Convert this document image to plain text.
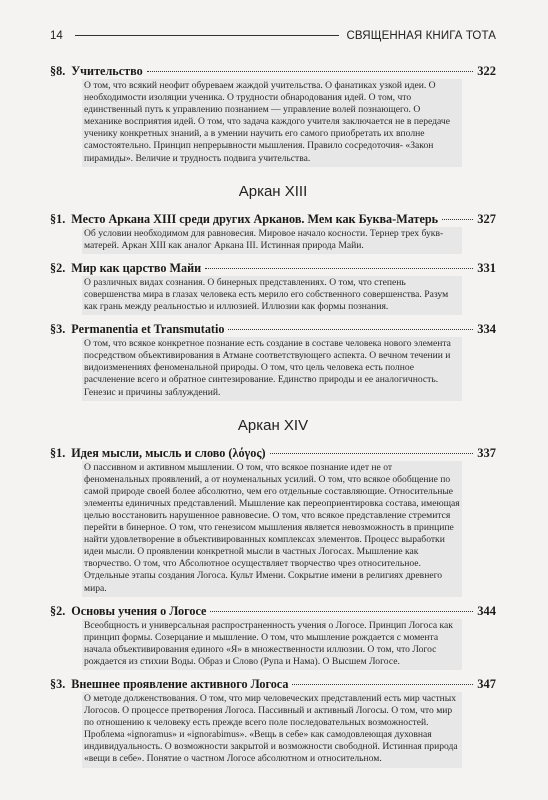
14	СВЯЩЕННАЯ КНИГА ТОТА
§8. Учительство	322
О том, что всякий неофит обуреваем жаждой учительства. О фанатиках узкой идеи. О необходимости изоляции ученика. О трудности обнародования идей. О том, что единственный путь к управлению познанием — управление волей познающего. О механике восприятия идей. О том, что задача каждого учителя заключается не в передаче ученику конкретных знаний, а в умении научить его самого приобретать их вполне самостоятельно. Принцип непрерывности мышления. Правило сосредоточия- «Закон пирамиды». Величие и трудность подвига учительства.
Аркан XIII
§1. Место Аркана XIII среди других Арканов. Мем как Буква-Матерь	327
Об условии необходимом для равновесия. Мировое начало косности. Тернер трех букв-матерей. Аркан XIII как аналог Аркана III. Истинная природа Майи.
§2. Мир как царство Майи	331
О различных видах сознания. О бинерных представлениях. О том, что степень совершенства мира в глазах человека есть мерило его собственного совершенства. Разум как грань между реальностью и иллюзией. Иллюзии как формы познания.
§3. Permanentia et Transmutatio	334
О том, что всякое конкретное познание есть создание в составе человека нового элемента посредством объективирования в Атмане соответствующего аспекта. О вечном течении и видоизменениях феноменальной природы. О том, что цель человека есть полное расчленение всего и обратное синтезирование. Единство природы и ее аналогичность. Генезис и причины заблуждений.
Аркан XIV
§1. Идея мысли, мысль и слово (λόγος)	337
О пассивном и активном мышлении. О том, что всякое познание идет не от феноменальных проявлений, а от ноуменальных усилий. О том, что всякое обобщение по самой природе своей более абсолютно, чем его отдельные составляющие. Относительные элементы единичных представлений. Мышление как переоприентировка состава, имеющая целью восстановить нарушенное равновесие. О том, что всякое представление стремится перейти в бинерное. О том, что генезисом мышления является невозможность в принципе найти удовлетворение в объективированных комплексах элементов. Процесс выработки идеи мысли. О проявлении конкретной мысли в частных Логосах. Мышление как творчество. О том, что Абсолютное осуществляет творчество чрез относительное. Отдельные этапы создания Логоса. Культ Имени. Сокрытие имени в религиях древнего мира.
§2. Основы учения о Логосе	344
Всеобщность и универсальная распространенность учения о Логосе. Принцип Логоса как принцип формы. Созерцание и мышление. О том, что мышление рождается с момента начала объективирования единого «Я» в множественности иллюзии. О том, что Логос рождается из стихии Воды. Образ и Слово (Рупа и Нама). О Высшем Логосе.
§3. Внешнее проявление активного Логоса	347
О методе долженствования. О том, что мир человеческих представлений есть мир частных Логосов. О процессе претворения Логоса. Пассивный и активный Логосы. О том, что мир по отношению к человеку есть прежде всего поле последовательных возможностей. Проблема «ignoramus» и «ignorabimus». «Вещь в себе» как самодовлеющая духовная индивидуальность. О возможности закрытой и возможности свободной. Истинная природа «вещи в себе». Понятие о частном Логосе абсолютном и относительном.
